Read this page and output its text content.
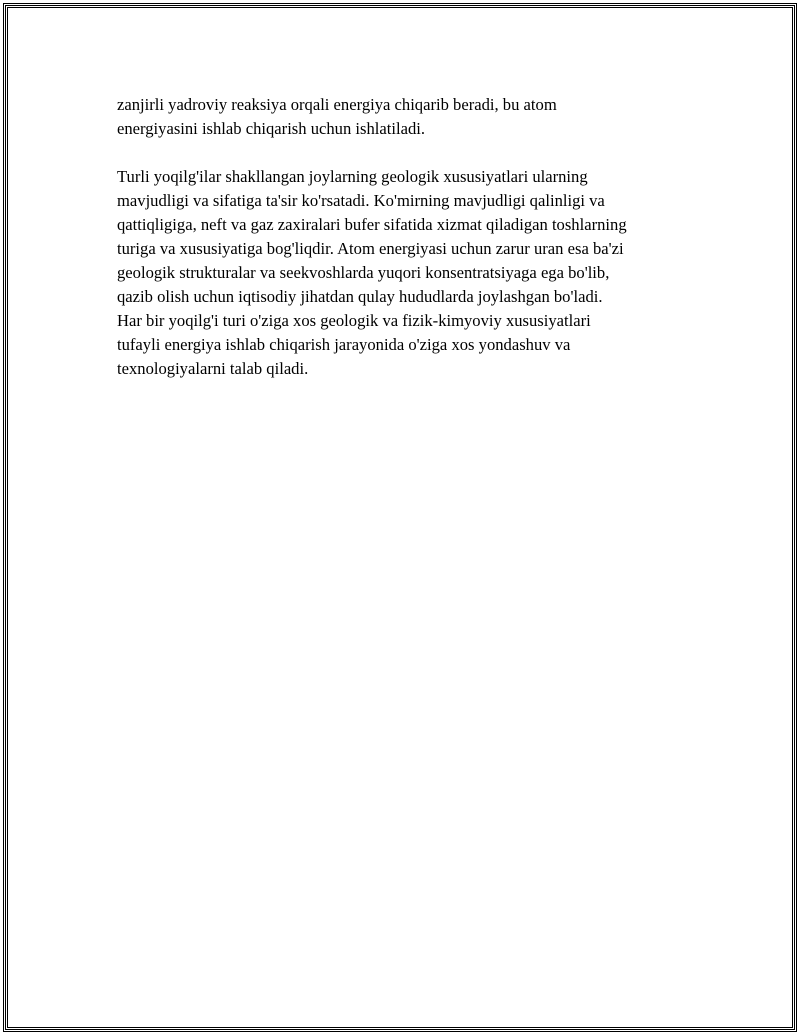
zanjirli yadroviy reaksiya orqali energiya chiqarib beradi, bu atom
energiyasini ishlab chiqarish uchun ishlatiladi.

Turli yoqilg'ilar shakllangan joylarning geologik xususiyatlari ularning
mavjudligi va sifatiga ta'sir ko'rsatadi. Ko'mirning mavjudligi qalinligi va
qattiqligiga, neft va gaz zaxiralari bufer sifatida xizmat qiladigan toshlarning
turiga va xususiyatiga bog'liqdir. Atom energiyasi uchun zarur uran esa ba'zi
geologik strukturalar va seekvoshlarda yuqori konsentratsiyaga ega bo'lib,
qazib olish uchun iqtisodiy jihatdan qulay hududlarda joylashgan bo'ladi.
Har bir yoqilg'i turi o'ziga xos geologik va fizik-kimyoviy xususiyatlari
tufayli energiya ishlab chiqarish jarayonida o'ziga xos yondashuv va
texnologiyalarni talab qiladi.
